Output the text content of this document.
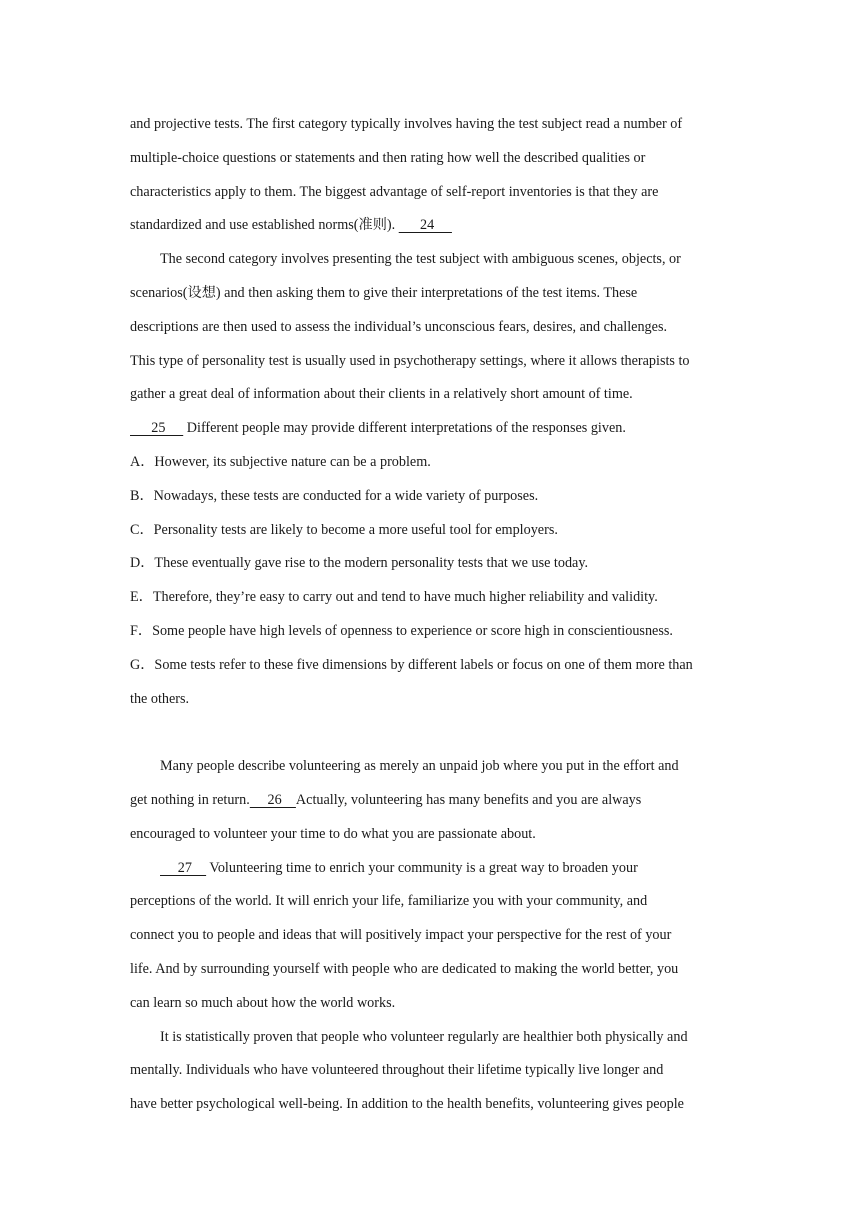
and projective tests. The first category typically involves having the test subject read a number of
multiple-choice questions or statements and then rating how well the described qualities or
characteristics apply to them. The biggest advantage of self-report inventories is that they are
standardized and use established norms(准则).       24
The second category involves presenting the test subject with ambiguous scenes, objects, or
scenarios(设想) and then asking them to give their interpretations of the test items. These
descriptions are then used to assess the individual’s unconscious fears, desires, and challenges.
This type of personality test is usually used in psychotherapy settings, where it allows therapists to
gather a great deal of information about their clients in a relatively short amount of time.
25      Different people may provide different interpretations of the responses given.
A．However, its subjective nature can be a problem.
B．Nowadays, these tests are conducted for a wide variety of purposes.
C．Personality tests are likely to become a more useful tool for employers.
D．These eventually gave rise to the modern personality tests that we use today.
E．Therefore, they’re easy to carry out and tend to have much higher reliability and validity.
F．Some people have high levels of openness to experience or score high in conscientiousness.
G．Some tests refer to these five dimensions by different labels or focus on one of them more than
the others.
Many people describe volunteering as merely an unpaid job where you put in the effort and
get nothing in return.     26    Actually, volunteering has many benefits and you are always
encouraged to volunteer your time to do what you are passionate about.
27     Volunteering time to enrich your community is a great way to broaden your
perceptions of the world. It will enrich your life, familiarize you with your community, and
connect you to people and ideas that will positively impact your perspective for the rest of your
life. And by surrounding yourself with people who are dedicated to making the world better, you
can learn so much about how the world works.
It is statistically proven that people who volunteer regularly are healthier both physically and
mentally. Individuals who have volunteered throughout their lifetime typically live longer and
have better psychological well-being. In addition to the health benefits, volunteering gives people
